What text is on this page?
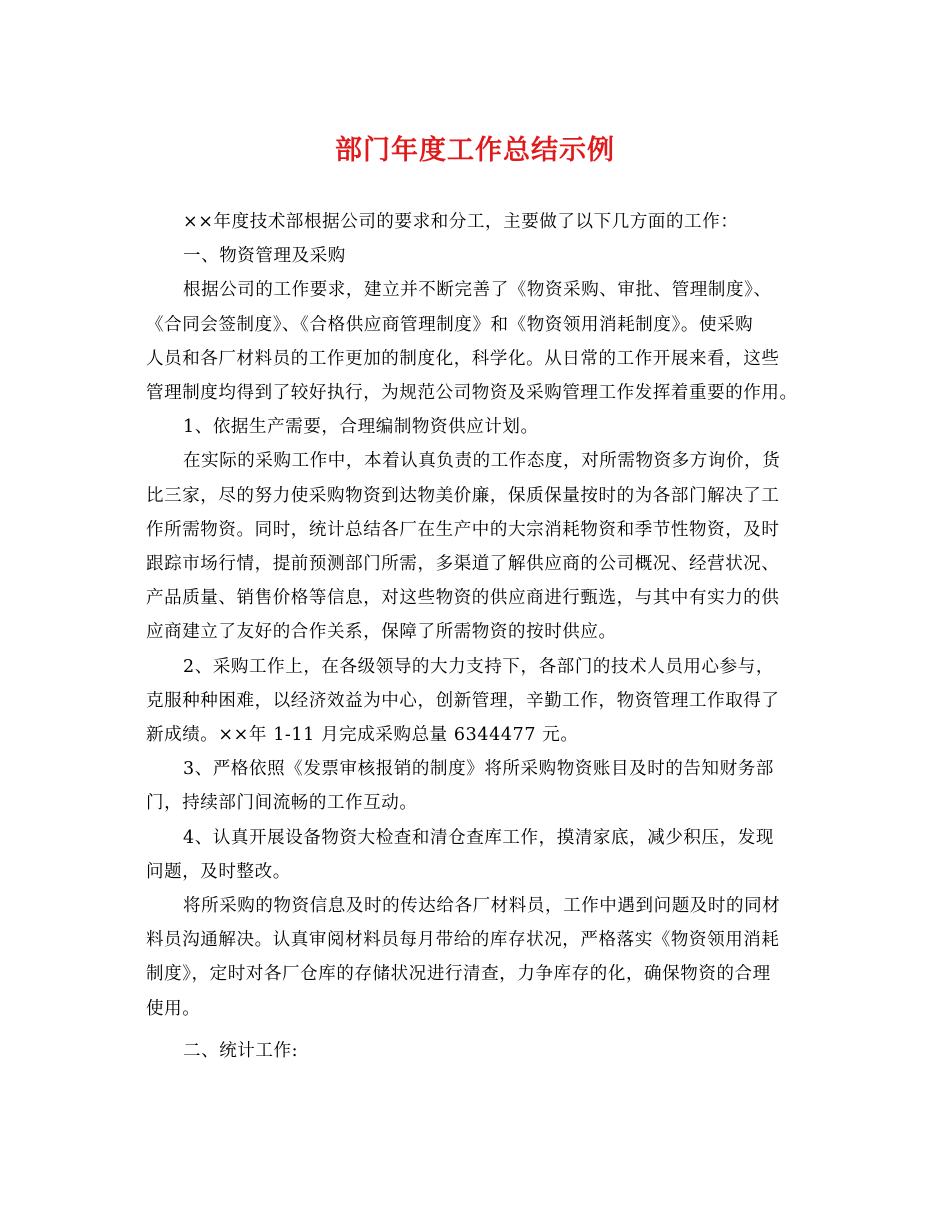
部门年度工作总结示例
××年度技术部根据公司的要求和分工，主要做了以下几方面的工作：
一、物资管理及采购
根据公司的工作要求，建立并不断完善了《物资采购、审批、管理制度》、
《合同会签制度》、《合格供应商管理制度》和《物资领用消耗制度》。使采购
人员和各厂材料员的工作更加的制度化，科学化。从日常的工作开展来看，这些
管理制度均得到了较好执行，为规范公司物资及采购管理工作发挥着重要的作用。
1、依据生产需要，合理编制物资供应计划。
在实际的采购工作中，本着认真负责的工作态度，对所需物资多方询价，货
比三家，尽的努力使采购物资到达物美价廉，保质保量按时的为各部门解决了工
作所需物资。同时，统计总结各厂在生产中的大宗消耗物资和季节性物资，及时
跟踪市场行情，提前预测部门所需，多渠道了解供应商的公司概况、经营状况、
产品质量、销售价格等信息，对这些物资的供应商进行甄选，与其中有实力的供
应商建立了友好的合作关系，保障了所需物资的按时供应。
2、采购工作上，在各级领导的大力支持下，各部门的技术人员用心参与，
克服种种困难，以经济效益为中心，创新管理，辛勤工作，物资管理工作取得了
新成绩。××年 1-11 月完成采购总量 6344477 元。
3、严格依照《发票审核报销的制度》将所采购物资账目及时的告知财务部
门，持续部门间流畅的工作互动。
4、认真开展设备物资大检查和清仓查库工作，摸清家底，减少积压，发现
问题，及时整改。
将所采购的物资信息及时的传达给各厂材料员，工作中遇到问题及时的同材
料员沟通解决。认真审阅材料员每月带给的库存状况，严格落实《物资领用消耗
制度》，定时对各厂仓库的存储状况进行清查，力争库存的化，确保物资的合理
使用。
二、统计工作:
